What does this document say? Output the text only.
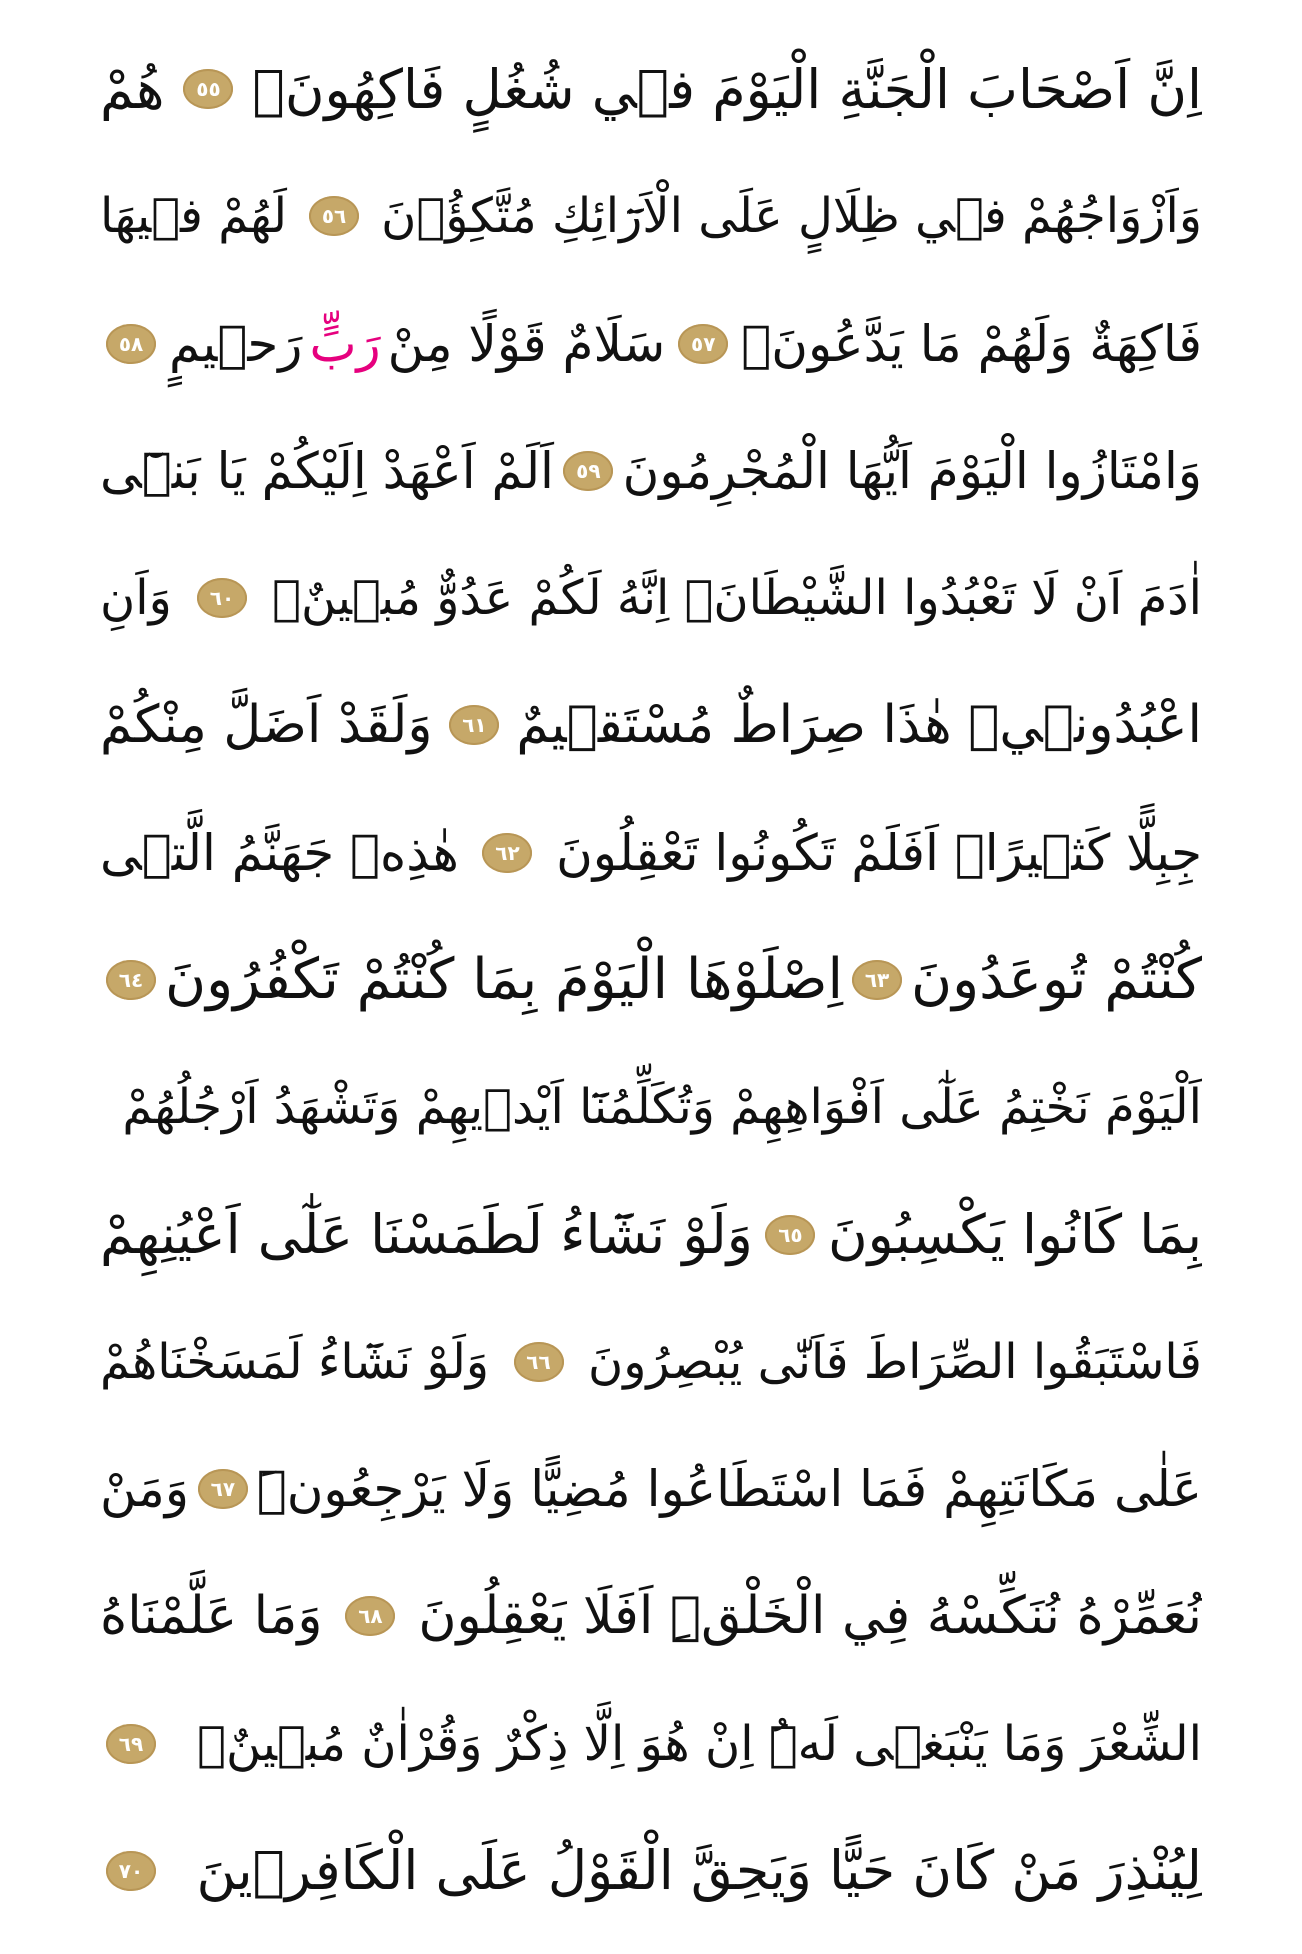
اِنَّ اَصْحَابَ الْجَنَّةِ الْيَوْمَ فٖي شُغُلٍ فَاكِهُونَۚ
٥٥
هُمْ
وَاَزْوَاجُهُمْ فٖي ظِلَالٍ عَلَى الْاَرَٓائِكِ مُتَّكِؤُ۫نَ
٥٦
لَهُمْ فٖيهَا
فَاكِهَةٌ وَلَهُمْ مَا يَدَّعُونَۚ
٥٧
سَلَامٌ قَوْلًا مِنْ
رَبٍّ
رَحٖيمٍ
٥٨
وَامْتَازُوا الْيَوْمَ اَيُّهَا الْمُجْرِمُونَ
٥٩
اَلَمْ اَعْهَدْ اِلَيْكُمْ يَا بَنٖٓى
اٰدَمَ اَنْ لَا تَعْبُدُوا الشَّيْطَانَۚ اِنَّهُ لَكُمْ عَدُوٌّ مُبٖينٌۙ
٦٠
وَاَنِ
اعْبُدُونٖيۜ هٰذَا صِرَاطٌ مُسْتَقٖيمٌ
٦١
وَلَقَدْ اَضَلَّ مِنْكُمْ
جِبِلًّا كَثٖيرًاۜ اَفَلَمْ تَكُونُوا تَعْقِلُونَ
٦٢
هٰذِهٖ جَهَنَّمُ الَّتٖى
كُنْتُمْ تُوعَدُونَ
٦٣
اِصْلَوْهَا الْيَوْمَ بِمَا كُنْتُمْ تَكْفُرُونَ
٦٤
اَلْيَوْمَ نَخْتِمُ عَلٰٓى اَفْوَاهِهِمْ وَتُكَلِّمُنَٓا اَيْدٖيهِمْ وَتَشْهَدُ اَرْجُلُهُمْ
بِمَا كَانُوا يَكْسِبُونَ
٦٥
وَلَوْ نَشَٓاءُ لَطَمَسْنَا عَلٰٓى اَعْيُنِهِمْ
فَاسْتَبَقُوا الصِّرَاطَ فَاَنّٰى يُبْصِرُونَ
٦٦
وَلَوْ نَشَٓاءُ لَمَسَخْنَاهُمْ
عَلٰى مَكَانَتِهِمْ فَمَا اسْتَطَاعُوا مُضِيًّا وَلَا يَرْجِعُونَۜ
٦٧
وَمَنْ
نُعَمِّرْهُ نُنَكِّسْهُ فِي الْخَلْقِۜ اَفَلَا يَعْقِلُونَ
٦٨
وَمَا عَلَّمْنَاهُ
الشِّعْرَ وَمَا يَنْبَغٖى لَهُۜ اِنْ هُوَ اِلَّا ذِكْرٌ وَقُرْاٰنٌ مُبٖينٌۙ
٦٩
لِيُنْذِرَ مَنْ كَانَ حَيًّا وَيَحِقَّ الْقَوْلُ عَلَى الْكَافِرٖينَ
٧٠
